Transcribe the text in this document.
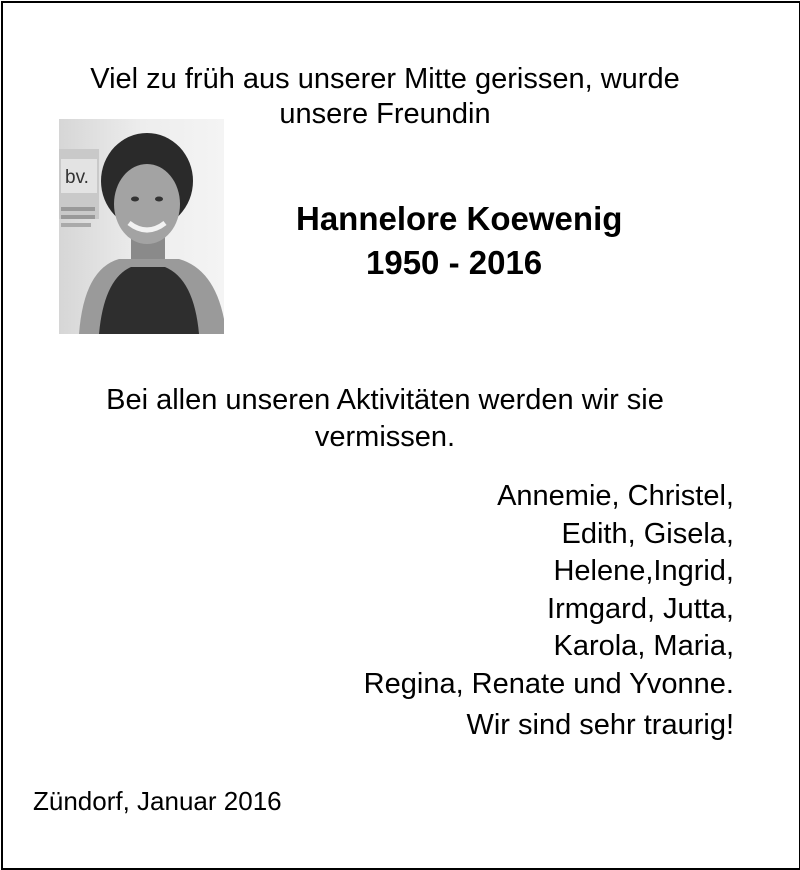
Viel zu früh aus unserer Mitte gerissen, wurde
unsere Freundin
bv.
Hannelore Koewenig
1950 - 2016
Bei allen unseren Aktivitäten werden wir sie
vermissen.
Annemie, Christel,
Edith, Gisela,
Helene,Ingrid,
Irmgard, Jutta,
Karola, Maria,
Regina, Renate und Yvonne.
Wir sind sehr traurig!
Zündorf, Januar 2016
